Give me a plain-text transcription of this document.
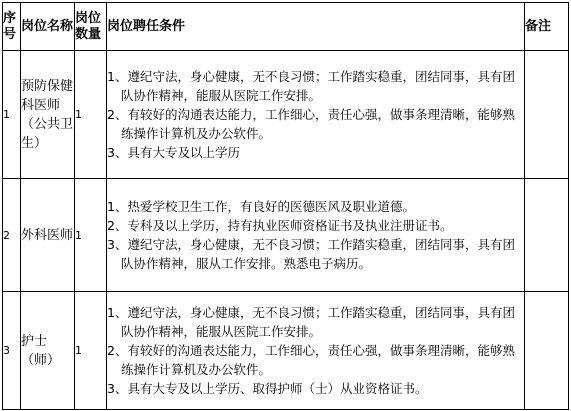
序号	岗位名称	岗位数量	岗位聘任条件	备注
1	预防保健科医师（公共卫生）	1	1、遵纪守法，身心健康，无不良习惯；工作踏实稳重，团结同事，具有团队协作精神，能服从医院工作安排。
2、有较好的沟通表达能力，工作细心，责任心强，做事条理清晰，能够熟练操作计算机及办公软件。
3、具有大专及以上学历	

2	外科医师	1	1、热爱学校卫生工作，有良好的医德医风及职业道德。
2、专科及以上学历，持有执业医师资格证书及执业注册证书。
3、遵纪守法，身心健康，无不良习惯；工作踏实稳重，团结同事，具有团队协作精神，服从工作安排。熟悉电子病历。	

3	护士（师）	1	1、遵纪守法，身心健康，无不良习惯；工作踏实稳重，团结同事，具有团队协作精神，能服从医院工作安排。
2、有较好的沟通表达能力，工作细心，责任心强，做事条理清晰，能够熟练操作计算机及办公软件。
3、具有大专及以上学历、取得护师（士）从业资格证书。	
